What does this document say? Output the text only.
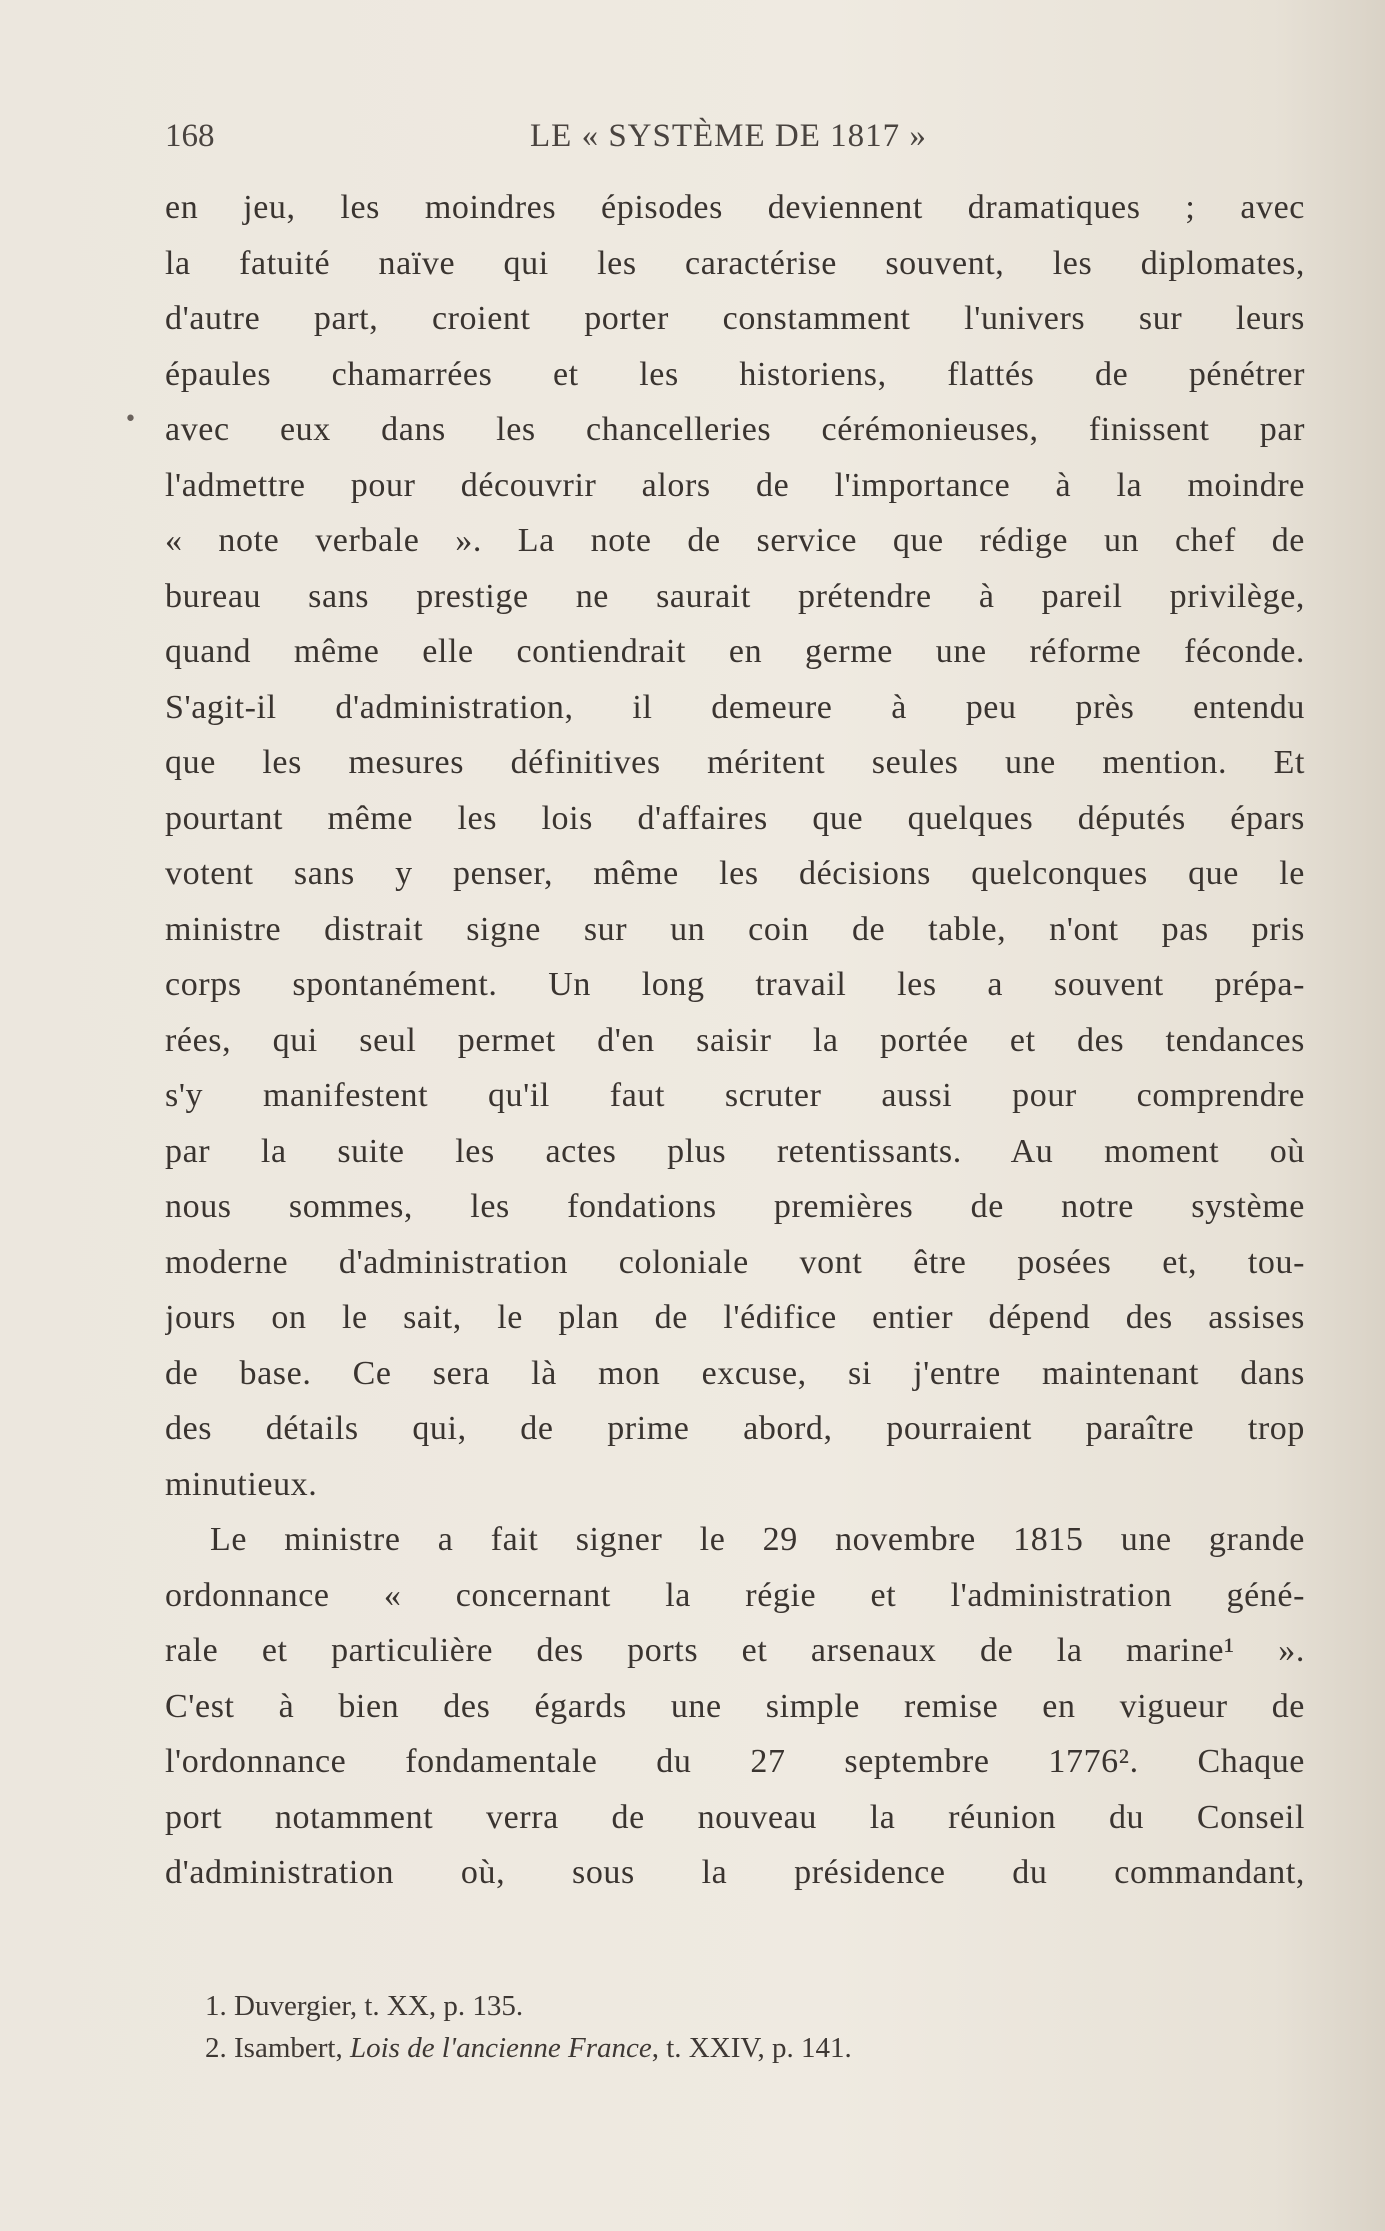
168	LE « SYSTÈME DE 1817 »
•
en jeu, les moindres épisodes deviennent dramatiques ; avec
la fatuité naïve qui les caractérise souvent, les diplomates,
d'autre part, croient porter constamment l'univers sur leurs
épaules chamarrées et les historiens, flattés de pénétrer
avec eux dans les chancelleries cérémonieuses, finissent par
l'admettre pour découvrir alors de l'importance à la moindre
« note verbale ». La note de service que rédige un chef de
bureau sans prestige ne saurait prétendre à pareil privilège,
quand même elle contiendrait en germe une réforme féconde.
S'agit-il d'administration, il demeure à peu près entendu
que les mesures définitives méritent seules une mention. Et
pourtant même les lois d'affaires que quelques députés épars
votent sans y penser, même les décisions quelconques que le
ministre distrait signe sur un coin de table, n'ont pas pris
corps spontanément. Un long travail les a souvent prépa-
rées, qui seul permet d'en saisir la portée et des tendances
s'y manifestent qu'il faut scruter aussi pour comprendre
par la suite les actes plus retentissants. Au moment où
nous sommes, les fondations premières de notre système
moderne d'administration coloniale vont être posées et, tou-
jours on le sait, le plan de l'édifice entier dépend des assises
de base. Ce sera là mon excuse, si j'entre maintenant dans
des détails qui, de prime abord, pourraient paraître trop
minutieux.
Le ministre a fait signer le 29 novembre 1815 une grande
ordonnance « concernant la régie et l'administration géné-
rale et particulière des ports et arsenaux de la marine¹ ».
C'est à bien des égards une simple remise en vigueur de
l'ordonnance fondamentale du 27 septembre 1776². Chaque
port notamment verra de nouveau la réunion du Conseil
d'administration où, sous la présidence du commandant,
1. Duvergier, t. XX, p. 135.
2. Isambert, Lois de l'ancienne France, t. XXIV, p. 141.
